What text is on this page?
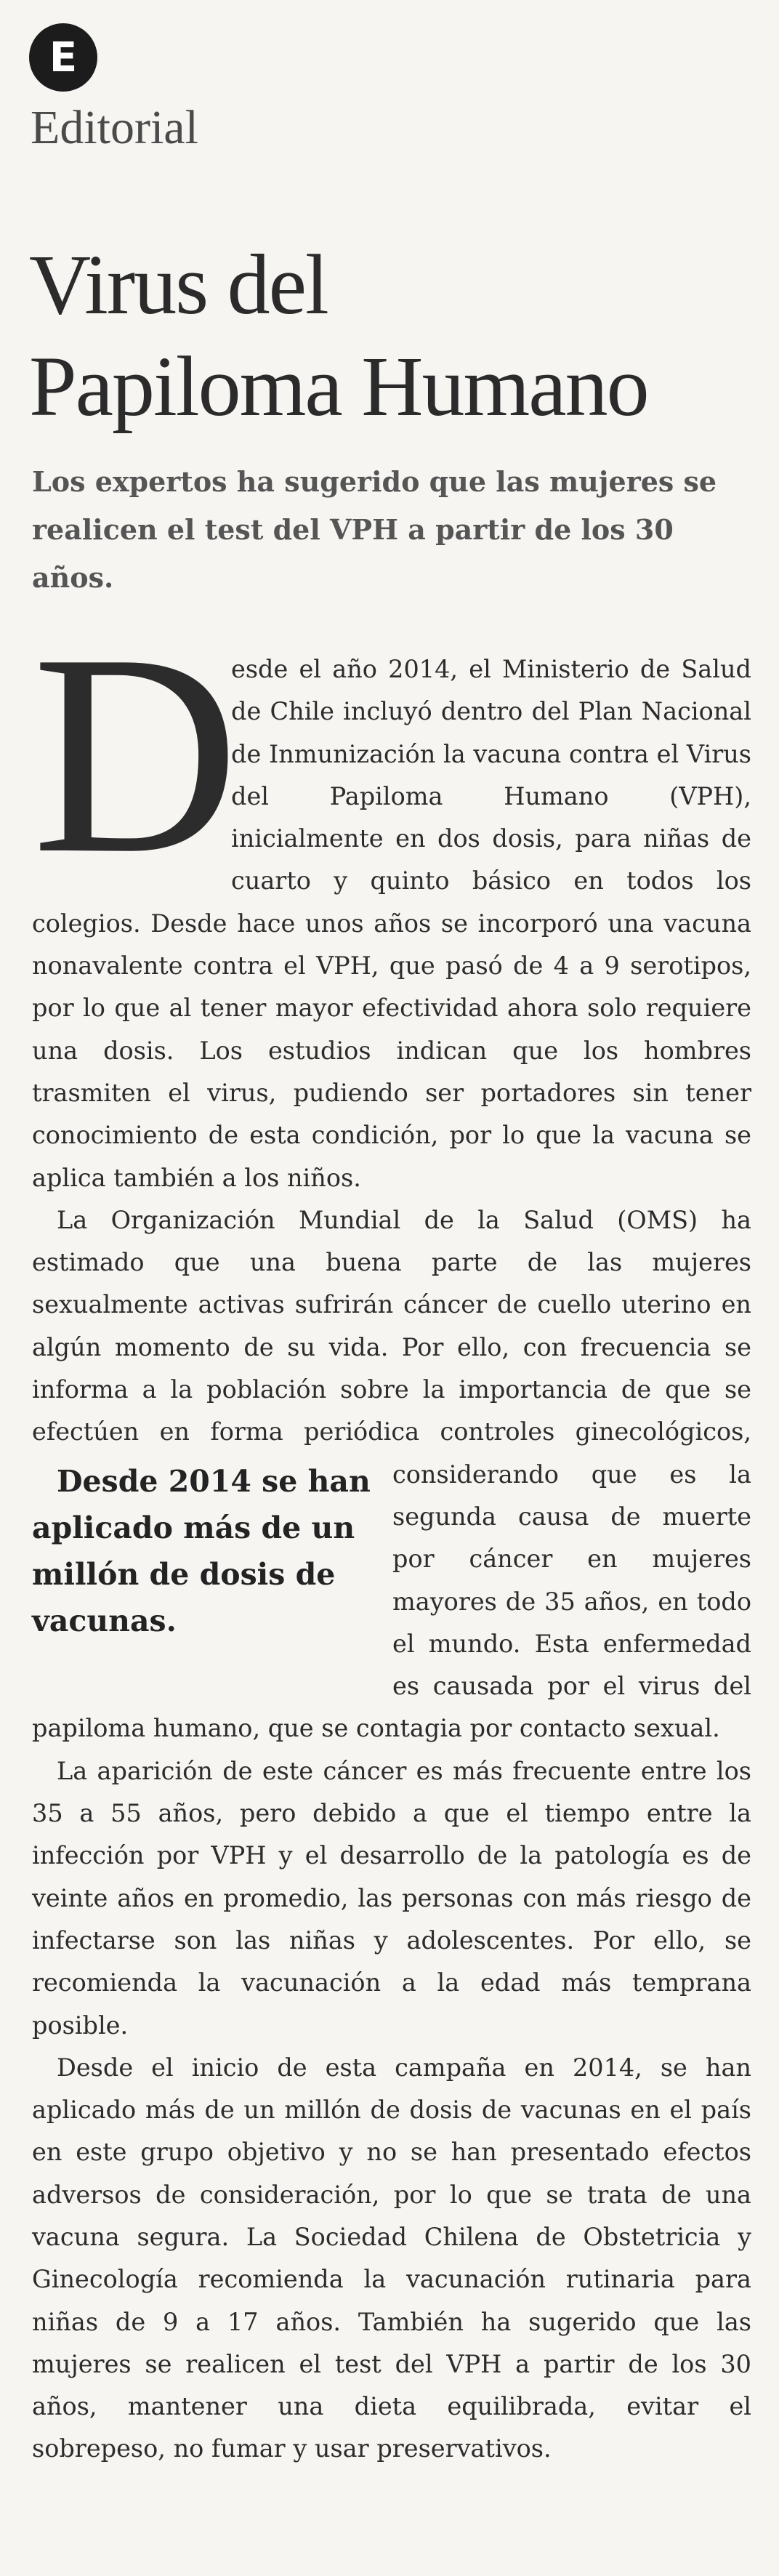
E
Editorial
Virus del
Papiloma Humano
Los expertos ha sugerido que las mujeres se realicen el test del VPH a partir de los 30 años.

D
esde el año 2014, el Ministerio de Salud de Chile incluyó dentro del Plan Nacional de Inmunización la vacuna contra el Virus del Papiloma Humano (VPH), inicialmente en dos dosis, para niñas de cuarto y quinto básico en todos los colegios. Desde hace unos años se incorporó una vacuna nonavalente contra el VPH, que pasó de 4 a 9 serotipos, por lo que al tener mayor efectividad ahora solo requiere una dosis. Los estudios indican que los hombres trasmiten el virus, pudiendo ser portadores sin tener conocimiento de esta condición, por lo que la vacuna se aplica también a los niños.

La Organización Mundial de la Salud (OMS) ha estimado que una buena parte de las mujeres sexualmente activas sufrirán cáncer de cuello uterino en algún momento de su vida. Por ello, con frecuencia se informa a la población sobre la importancia de que se efectúen en forma periódica controles ginecológi
Desde 2014 se han aplicado más de un millón de dosis de vacunas.
cos, considerando que es la segunda causa de muerte por cáncer en mujeres mayores de 35 años, en todo el mundo. Esta enfermedad es causada por el virus del papiloma humano, que se contagia por contacto sexual.

La aparición de este cáncer es más frecuente entre los 35 a 55 años, pero debido a que el tiempo entre la infección por VPH y el desarrollo de la patología es de veinte años en promedio, las personas con más riesgo de infectarse son las niñas y adolescentes. Por ello, se recomienda la vacunación a la edad más temprana posible.

Desde el inicio de esta campaña en 2014, se han aplicado más de un millón de dosis de vacunas en el país en este grupo objetivo y no se han presentado efectos adversos de consideración, por lo que se trata de una vacuna segura. La Sociedad Chilena de Obstetricia y Ginecología recomienda la vacunación rutinaria para niñas de 9 a 17 años. También ha sugerido que las mujeres se realicen el test del VPH a partir de los 30 años, mantener una dieta equilibrada, evitar el sobrepeso, no fumar y usar preservativos.
